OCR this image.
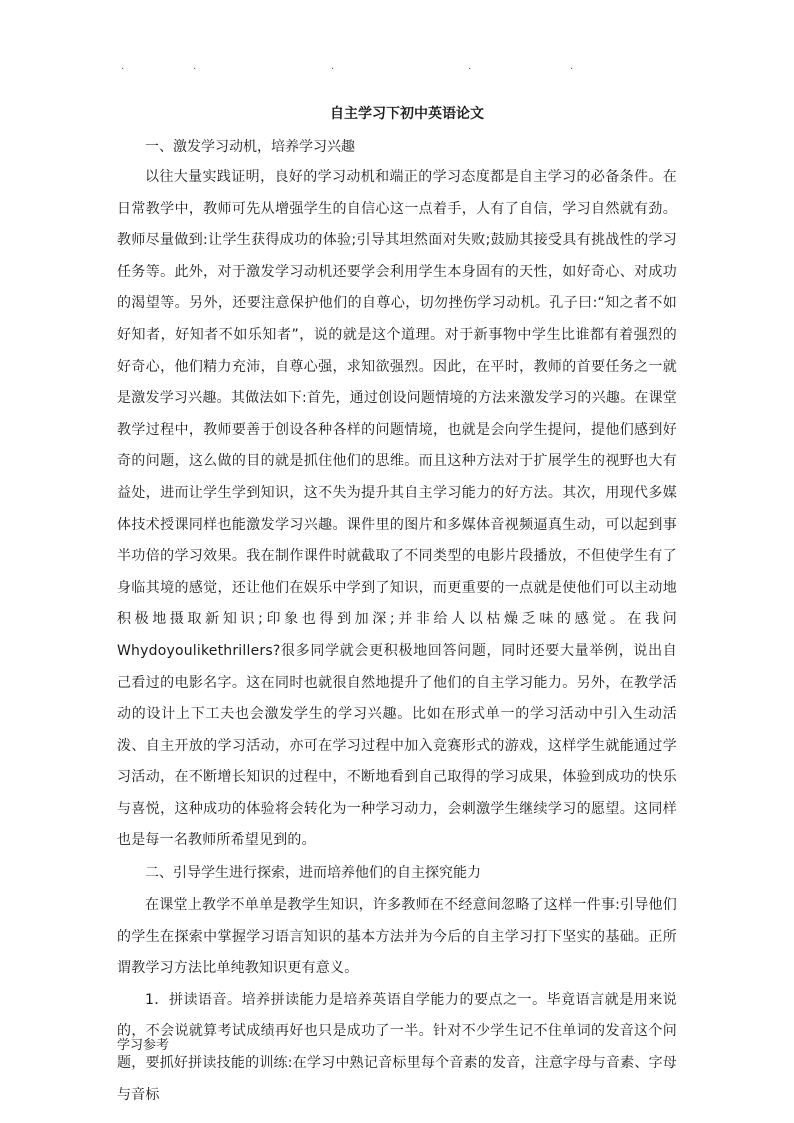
.	.	.	.	.
自主学习下初中英语论文

一、激发学习动机，培养学习兴趣

以往大量实践证明，良好的学习动机和端正的学习态度都是自主学习的必备条件。在日常教学中，教师可先从增强学生的自信心这一点着手，人有了自信，学习自然就有劲。教师尽量做到:让学生获得成功的体验;引导其坦然面对失败;鼓励其接受具有挑战性的学习任务等。此外，对于激发学习动机还要学会利用学生本身固有的天性，如好奇心、对成功的渴望等。另外，还要注意保护他们的自尊心，切勿挫伤学习动机。孔子曰:“知之者不如好知者，好知者不如乐知者”，说的就是这个道理。对于新事物中学生比谁都有着强烈的好奇心，他们精力充沛，自尊心强，求知欲强烈。因此，在平时，教师的首要任务之一就是激发学习兴趣。其做法如下:首先，通过创设问题情境的方法来激发学习的兴趣。在课堂教学过程中，教师要善于创设各种各样的问题情境，也就是会向学生提问，提他们感到好奇的问题，这么做的目的就是抓住他们的思维。而且这种方法对于扩展学生的视野也大有益处，进而让学生学到知识，这不失为提升其自主学习能力的好方法。其次，用现代多媒体技术授课同样也能激发学习兴趣。课件里的图片和多媒体音视频逼真生动，可以起到事半功倍的学习效果。我在制作课件时就截取了不同类型的电影片段播放，不但使学生有了身临其境的感觉，还让他们在娱乐中学到了知识，而更重要的一点就是使他们可以主动地积极地摄取新知识;印象也得到加深;并非给人以枯燥乏味的感觉。在我问 Whydoyoulikethrillers?很多同学就会更积极地回答问题，同时还要大量举例，说出自己看过的电影名字。这在同时也就很自然地提升了他们的自主学习能力。另外，在教学活动的设计上下工夫也会激发学生的学习兴趣。比如在形式单一的学习活动中引入生动活泼、自主开放的学习活动，亦可在学习过程中加入竞赛形式的游戏，这样学生就能通过学习活动，在不断增长知识的过程中，不断地看到自己取得的学习成果，体验到成功的快乐与喜悦，这种成功的体验将会转化为一种学习动力，会刺激学生继续学习的愿望。这同样也是每一名教师所希望见到的。

二、引导学生进行探索，进而培养他们的自主探究能力

在课堂上教学不单单是教学生知识，许多教师在不经意间忽略了这样一件事:引导他们的学生在探索中掌握学习语言知识的基本方法并为今后的自主学习打下坚实的基础。正所谓教学习方法比单纯教知识更有意义。

1．拼读语音。培养拼读能力是培养英语自学能力的要点之一。毕竟语言就是用来说的，不会说就算考试成绩再好也只是成功了一半。针对不少学生记不住单词的发音这个问题，要抓好拼读技能的训练:在学习中熟记音标里每个音素的发音，注意字母与音素、字母与音标

学习参考
